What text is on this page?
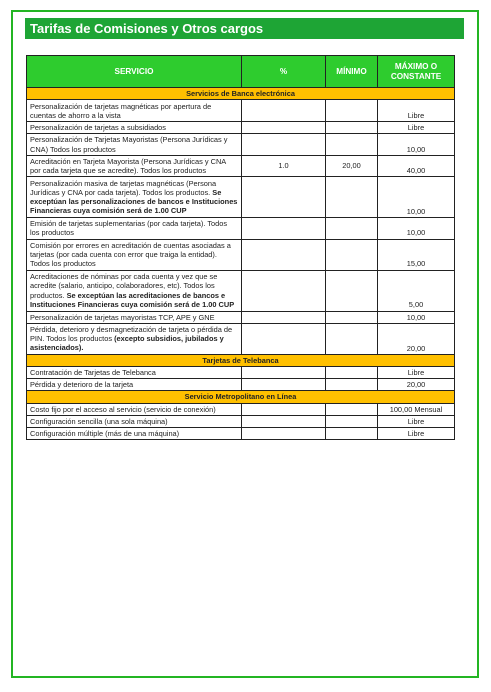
Tarifas de Comisiones y Otros cargos
SERVICIO	%	MÍNIMO	MÁXIMO O CONSTANTE
Servicios de Banca electrónica			
Personalización de tarjetas magnéticas por apertura de cuentas de ahorro a la vista			Libre
Personalización de tarjetas a subsidiados			Libre
Personalización de Tarjetas Mayoristas (Persona Jurídicas y CNA) Todos los productos			10,00
Acreditación en Tarjeta Mayorista (Persona Jurídicas y CNA por cada tarjeta que se acredite). Todos los productos	1.0	20,00	40,00
Personalización masiva de tarjetas magnéticas (Persona Jurídicas y CNA por cada tarjeta). Todos los productos. Se exceptúan las personalizaciones de bancos e Instituciones Financieras cuya comisión será de 1.00 CUP			10,00
Emisión de tarjetas suplementarias (por cada tarjeta). Todos los productos			10,00
Comisión por errores en acreditación de cuentas asociadas a tarjetas (por cada cuenta con error que traiga la entidad). Todos los productos			15,00
Acreditaciones de nóminas por cada cuenta y vez que se acredite (salario, anticipo, colaboradores, etc). Todos los productos. Se exceptúan las acreditaciones de bancos e Instituciones Financieras cuya comisión será de 1.00 CUP			5,00
Personalización de tarjetas mayoristas TCP, APE y GNE			10,00
Pérdida, deterioro y desmagnetización de tarjeta o pérdida de PIN. Todos los productos (excepto subsidios, jubilados y asistenciados).			20,00
Tarjetas de Telebanca			
Contratación de Tarjetas de Telebanca			Libre
Pérdida y deterioro de la tarjeta			20,00
Servicio Metropolitano en Línea			
Costo fijo por el acceso al servicio (servicio de conexión)			100,00 Mensual
Configuración sencilla (una sola máquina)			Libre
Configuración múltiple (más de una máquina)			Libre
